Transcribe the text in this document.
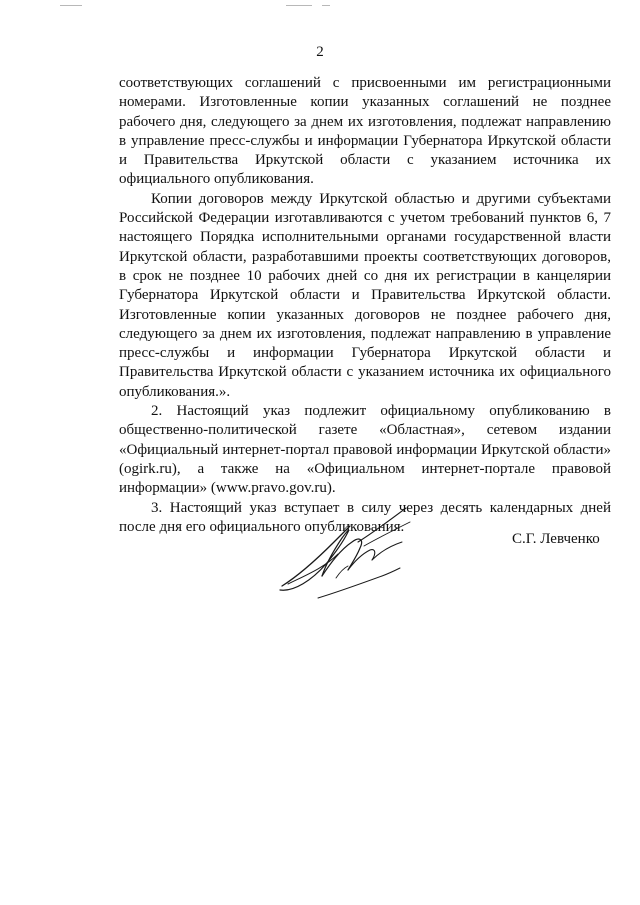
2

соответствующих соглашений с присвоенными им регистрационными номерами. Изготовленные копии указанных соглашений не позднее рабочего дня, следующего за днем их изготовления, подлежат направлению в управление пресс-службы и информации Губернатора Иркутской области и Правительства Иркутской области с указанием источника их официального опубликования.

Копии договоров между Иркутской областью и другими субъектами Российской Федерации изготавливаются с учетом требований пунктов 6, 7 настоящего Порядка исполнительными органами государственной власти Иркутской области, разработавшими проекты соответствующих договоров, в срок не позднее 10 рабочих дней со дня их регистрации в канцелярии Губернатора Иркутской области и Правительства Иркутской области. Изготовленные копии указанных договоров не позднее рабочего дня, следующего за днем их изготовления, подлежат направлению в управление пресс-службы и информации Губернатора Иркутской области и Правительства Иркутской области с указанием источника их официального опубликования.».

2. Настоящий указ подлежит официальному опубликованию в общественно-политической газете «Областная», сетевом издании «Официальный интернет-портал правовой информации Иркутской области» (ogirk.ru), а также на «Официальном интернет-портале правовой информации» (www.pravo.gov.ru).

3. Настоящий указ вступает в силу через десять календарных дней после дня его официального опубликования.

С.Г. Левченко
